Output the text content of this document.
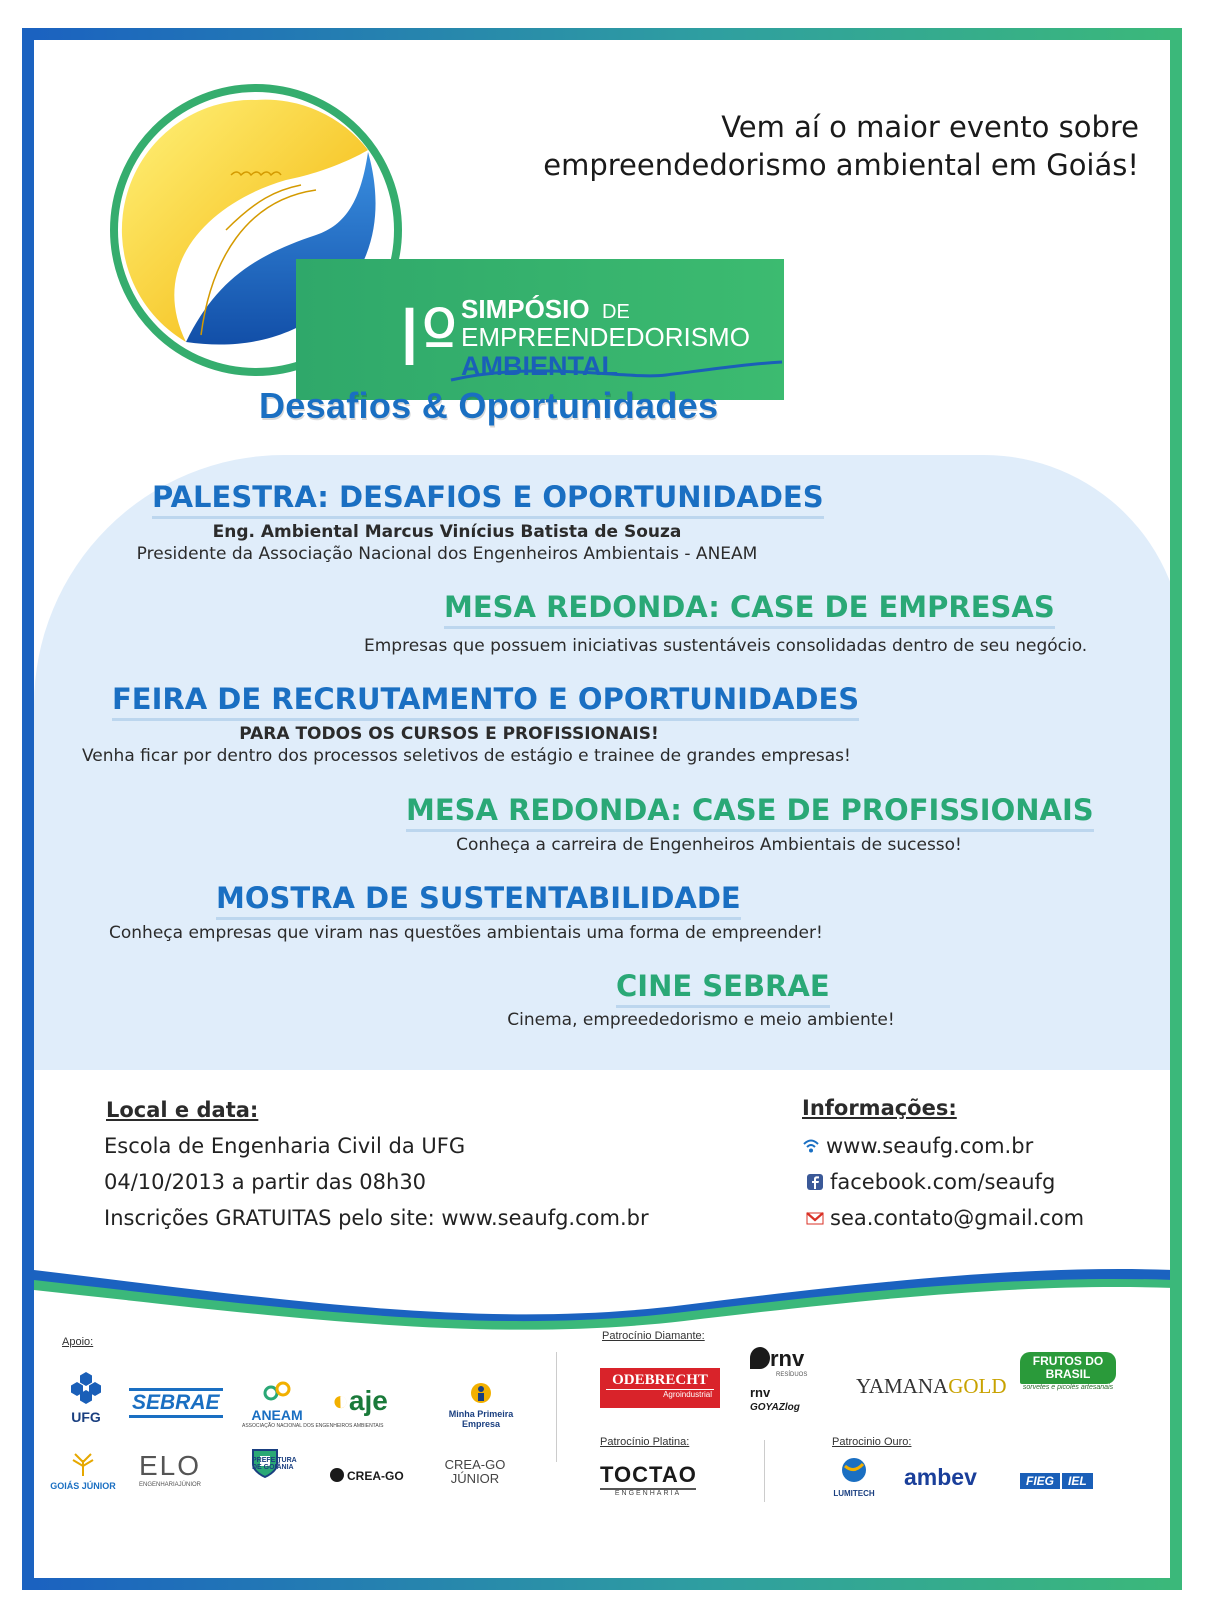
Iº SIMPÓSIO DE
EMPREENDEDORISMO
AMBIENTAL
Vem aí o maior evento sobre
empreendedorismo ambiental em Goiás!
Desafios & Oportunidades
PALESTRA: DESAFIOS E OPORTUNIDADES
Eng. Ambiental Marcus Vinícius Batista de Souza
Presidente da Associação Nacional dos Engenheiros Ambientais - ANEAM
MESA REDONDA: CASE DE EMPRESAS
Empresas que possuem iniciativas sustentáveis consolidadas dentro de seu negócio.
FEIRA DE RECRUTAMENTO E OPORTUNIDADES
PARA TODOS OS CURSOS E PROFISSIONAIS!
Venha ficar por dentro dos processos seletivos de estágio e trainee de grandes empresas!
MESA REDONDA: CASE DE PROFISSIONAIS
Conheça a carreira de Engenheiros Ambientais de sucesso!
MOSTRA DE SUSTENTABILIDADE
Conheça empresas que viram nas questões ambientais uma forma de empreender!
CINE SEBRAE
Cinema, empreededorismo e meio ambiente!
Local e data:
Escola de Engenharia Civil da UFG
04/10/2013 a partir das 08h30
Inscrições GRATUITAS pelo site: www.seaufg.com.br
Informações:
www.seaufg.com.br
facebook.com/seaufg
sea.contato@gmail.com
Apoio:	Patrocínio Diamante:
Patrocínio Platina:	Patrocinio Ouro:
UFG
SEBRAE
ANEAM
ASSOCIAÇÃO NACIONAL DOS ENGENHEIROS AMBIENTAIS
◐aje	Minha Primeira Empresa
GOIÁS JÚNIOR
ELO
ENGENHARIAJÚNIOR
PREFEITURA DE GOIÂNIA
CREA-GO
CREA-GO JÚNIOR
ODEBRECHT
Agroindustrial
rnv
RESÍDUOS
rnv
GOYAZlog
YAMANAGOLD
FRUTOS DO BRASIL
sorvetes e picolés artesanais
TOCTAO
ENGENHARIA	LUMITECH
ambev	FIEG IEL
